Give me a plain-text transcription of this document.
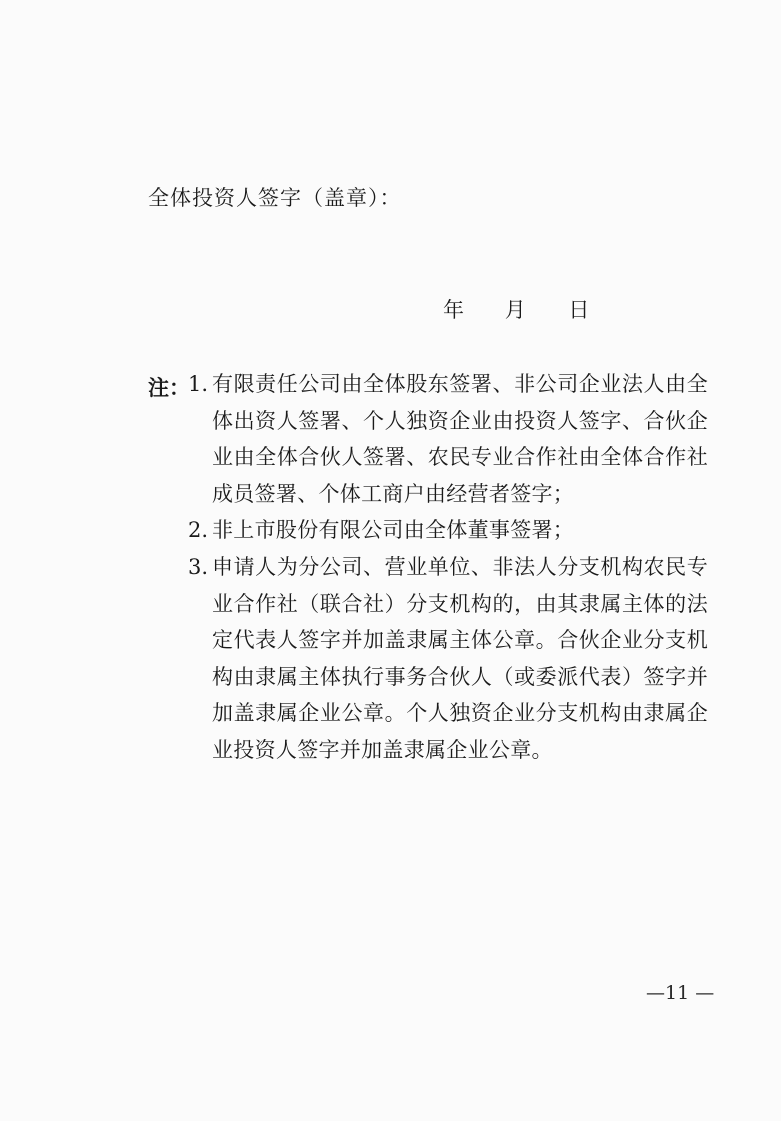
全体投资人签字（盖章）：
年 月 日
注：
1. 有限责任公司由全体股东签署、非公司企业法人由全体出资人签署、个人独资企业由投资人签字、合伙企业由全体合伙人签署、农民专业合作社由全体合作社成员签署、个体工商户由经营者签字；
2. 非上市股份有限公司由全体董事签署；
3. 申请人为分公司、营业单位、非法人分支机构农民专业合作社（联合社）分支机构的，由其隶属主体的法定代表人签字并加盖隶属主体公章。合伙企业分支机构由隶属主体执行事务合伙人（或委派代表）签字并加盖隶属企业公章。个人独资企业分支机构由隶属企业投资人签字并加盖隶属企业公章。
—11 —
